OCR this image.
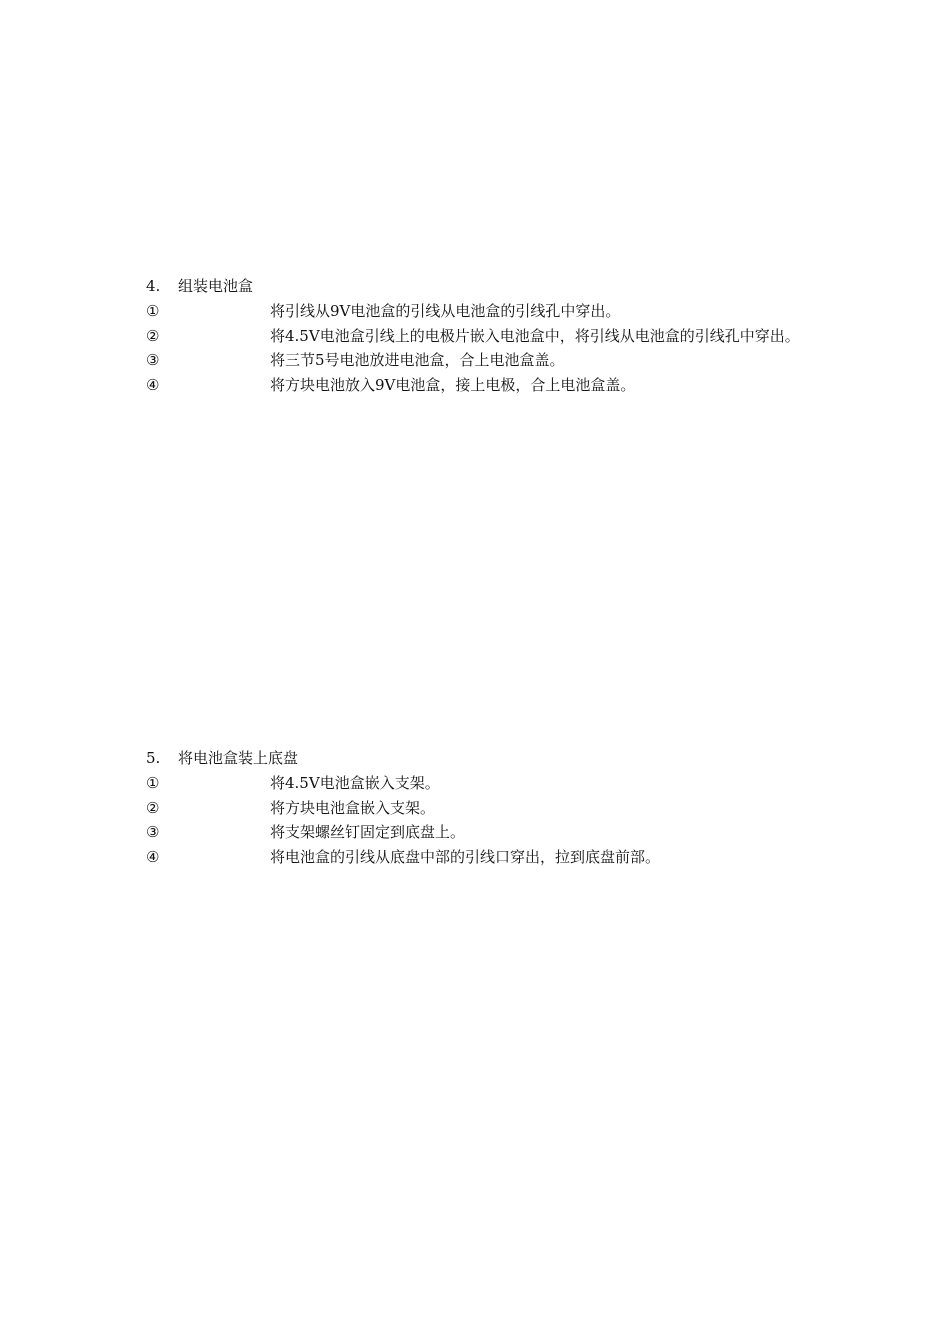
4. 组装电池盒
①	将引线从9V电池盒的引线从电池盒的引线孔中穿出。
②	将4.5V电池盒引线上的电极片嵌入电池盒中，将引线从电池盒的引线孔中穿出。
③	将三节5号电池放进电池盒，合上电池盒盖。
④	将方块电池放入9V电池盒，接上电极，合上电池盒盖。
5. 将电池盒装上底盘
①	将4.5V电池盒嵌入支架。
②	将方块电池盒嵌入支架。
③	将支架螺丝钉固定到底盘上。
④	将电池盒的引线从底盘中部的引线口穿出，拉到底盘前部。
